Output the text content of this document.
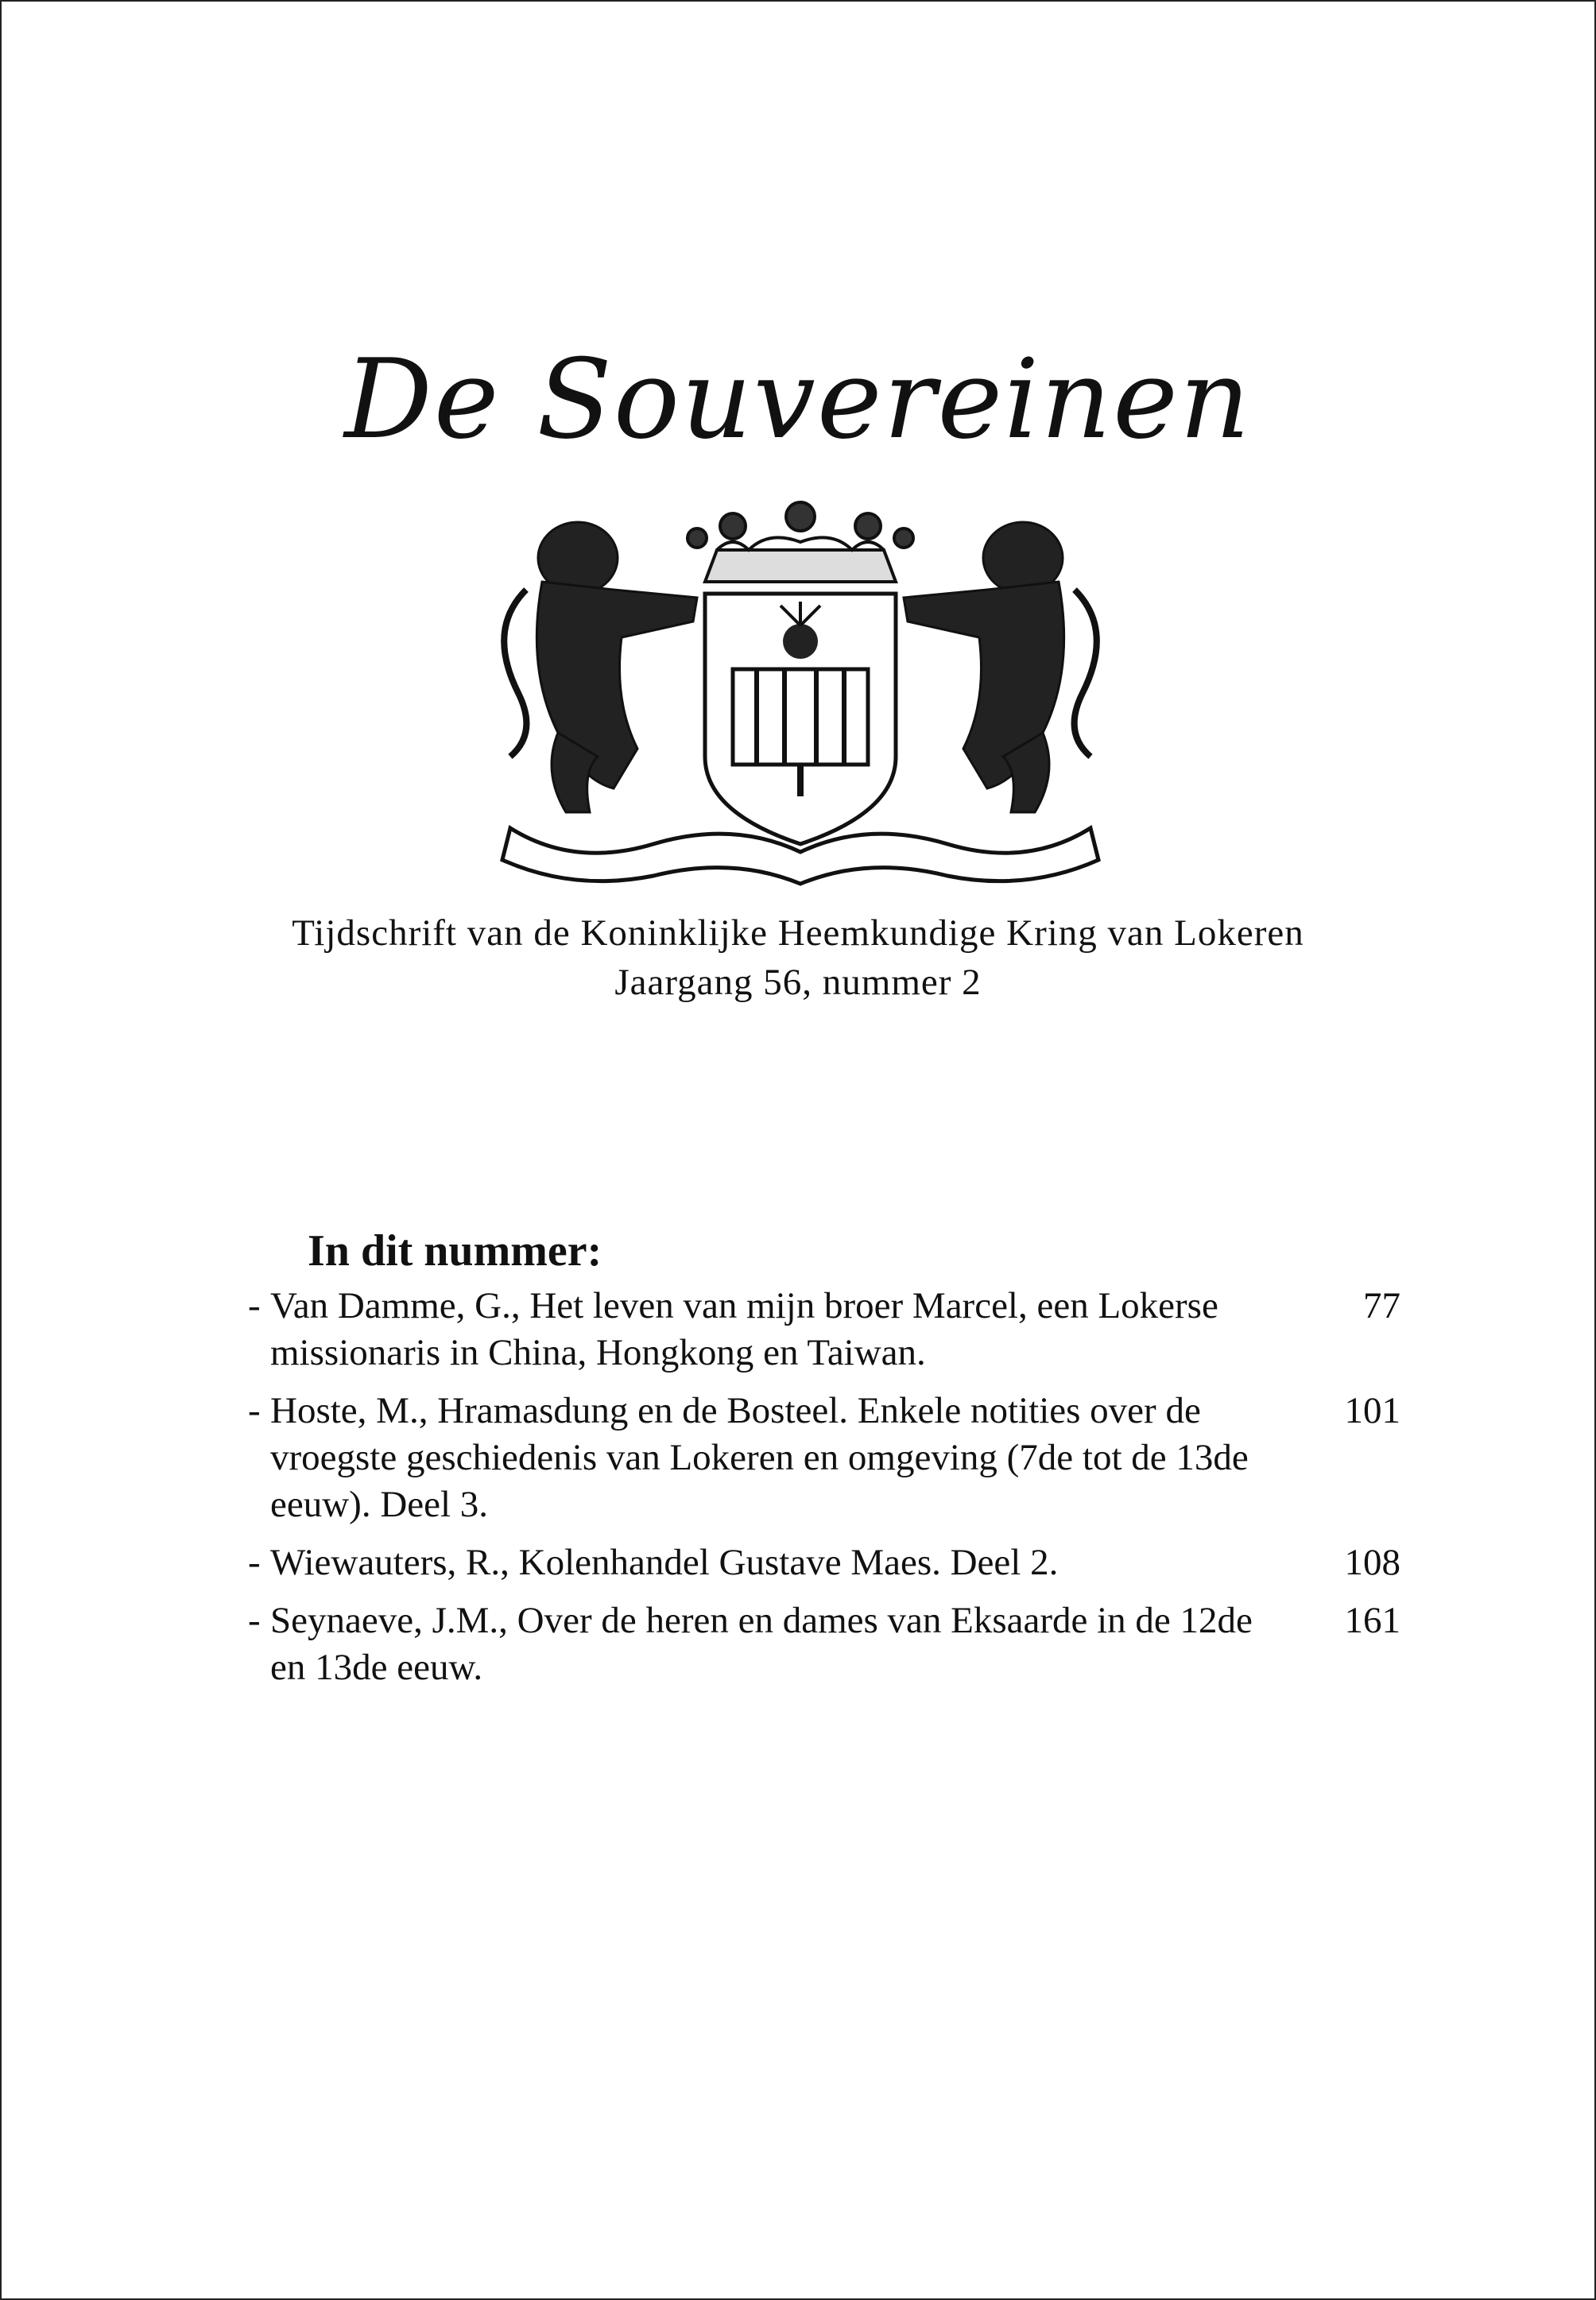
De Souvereinen
Tijdschrift van de Koninklijke Heemkundige Kring van Lokeren
Jaargang 56, nummer 2
In dit nummer:
- Van Damme, G., Het leven van mijn broer Marcel, een Lokerse missionaris in China, Hongkong en Taiwan.
77
- Hoste, M., Hramasdung en de Bosteel. Enkele notities over de vroegste geschiedenis van Lokeren en omgeving (7de tot de 13de eeuw). Deel 3.
101
- Wiewauters, R., Kolenhandel Gustave Maes. Deel 2.	108
- Seynaeve, J.M., Over de heren en dames van Eksaarde in de 12de en 13de eeuw.
161
